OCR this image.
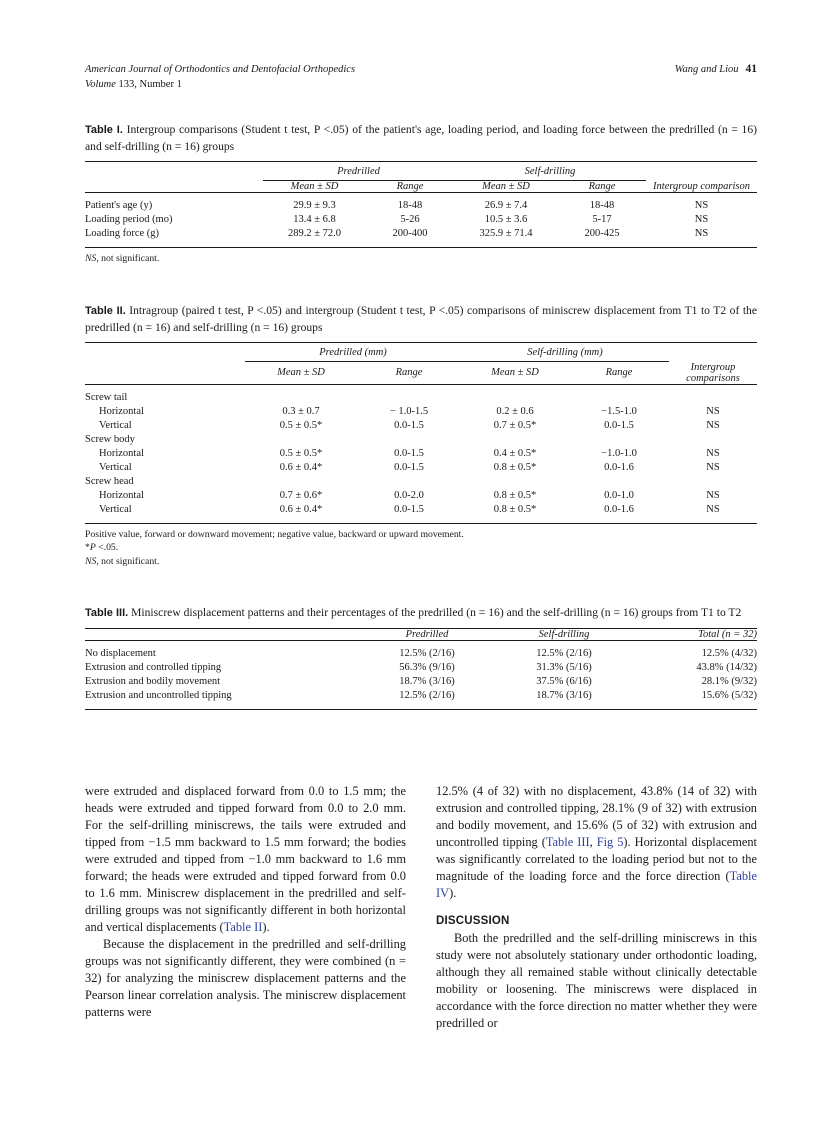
American Journal of Orthodontics and Dentofacial Orthopedics
Volume 133, Number 1
Wang and Liou 41
Table I. Intergroup comparisons (Student t test, P <.05) of the patient's age, loading period, and loading force between the predrilled (n = 16) and self-drilling (n = 16) groups
	Predrilled		Self-drilling		
	Mean ± SD	Range	Mean ± SD	Range	Intergroup comparison
Patient's age (y)	29.9 ± 9.3	18-48	26.9 ± 7.4	18-48	NS
Loading period (mo)	13.4 ± 6.8	5-26	10.5 ± 3.6	5-17	NS
Loading force (g)	289.2 ± 72.0	200-400	325.9 ± 71.4	200-425	NS
NS, not significant.
Table II. Intragroup (paired t test, P <.05) and intergroup (Student t test, P <.05) comparisons of miniscrew displacement from T1 to T2 of the predrilled (n = 16) and self-drilling (n = 16) groups
	Predrilled (mm)		Self-drilling (mm)		
	Mean ± SD	Range	Mean ± SD	Range	Intergroup comparisons
Screw tail					
Horizontal	0.3 ± 0.7	− 1.0-1.5	0.2 ± 0.6	−1.5-1.0	NS
Vertical	0.5 ± 0.5*	0.0-1.5	0.7 ± 0.5*	0.0-1.5	NS
Screw body					
Horizontal	0.5 ± 0.5*	0.0-1.5	0.4 ± 0.5*	−1.0-1.0	NS
Vertical	0.6 ± 0.4*	0.0-1.5	0.8 ± 0.5*	0.0-1.6	NS
Screw head					
Horizontal	0.7 ± 0.6*	0.0-2.0	0.8 ± 0.5*	0.0-1.0	NS
Vertical	0.6 ± 0.4*	0.0-1.5	0.8 ± 0.5*	0.0-1.6	NS
Positive value, forward or downward movement; negative value, backward or upward movement.
*P <.05.
NS, not significant.
Table III. Miniscrew displacement patterns and their percentages of the predrilled (n = 16) and the self-drilling (n = 16) groups from T1 to T2
	Predrilled	Self-drilling	Total (n = 32)
No displacement	12.5% (2/16)	12.5% (2/16)	12.5% (4/32)
Extrusion and controlled tipping	56.3% (9/16)	31.3% (5/16)	43.8% (14/32)
Extrusion and bodily movement	18.7% (3/16)	37.5% (6/16)	28.1% (9/32)
Extrusion and uncontrolled tipping	12.5% (2/16)	18.7% (3/16)	15.6% (5/32)

were extruded and displaced forward from 0.0 to 1.5 mm; the heads were extruded and tipped forward from 0.0 to 2.0 mm. For the self-drilling miniscrews, the tails were extruded and tipped from −1.5 mm backward to 1.5 mm forward; the bodies were extruded and tipped from −1.0 mm backward to 1.6 mm forward; the heads were extruded and tipped forward from 0.0 to 1.6 mm. Miniscrew displacement in the predrilled and self-drilling groups was not significantly different in both horizontal and vertical displacements (Table II).

Because the displacement in the predrilled and self-drilling groups was not significantly different, they were combined (n = 32) for analyzing the miniscrew displacement patterns and the Pearson linear correlation analysis. The miniscrew displacement patterns were

12.5% (4 of 32) with no displacement, 43.8% (14 of 32) with extrusion and controlled tipping, 28.1% (9 of 32) with extrusion and bodily movement, and 15.6% (5 of 32) with extrusion and uncontrolled tipping (Table III, Fig 5). Horizontal displacement was significantly correlated to the loading period but not to the magnitude of the loading force and the force direction (Table IV).

DISCUSSION

Both the predrilled and the self-drilling miniscrews in this study were not absolutely stationary under orthodontic loading, although they all remained stable without clinically detectable mobility or loosening. The miniscrews were displaced in accordance with the force direction no matter whether they were predrilled or
